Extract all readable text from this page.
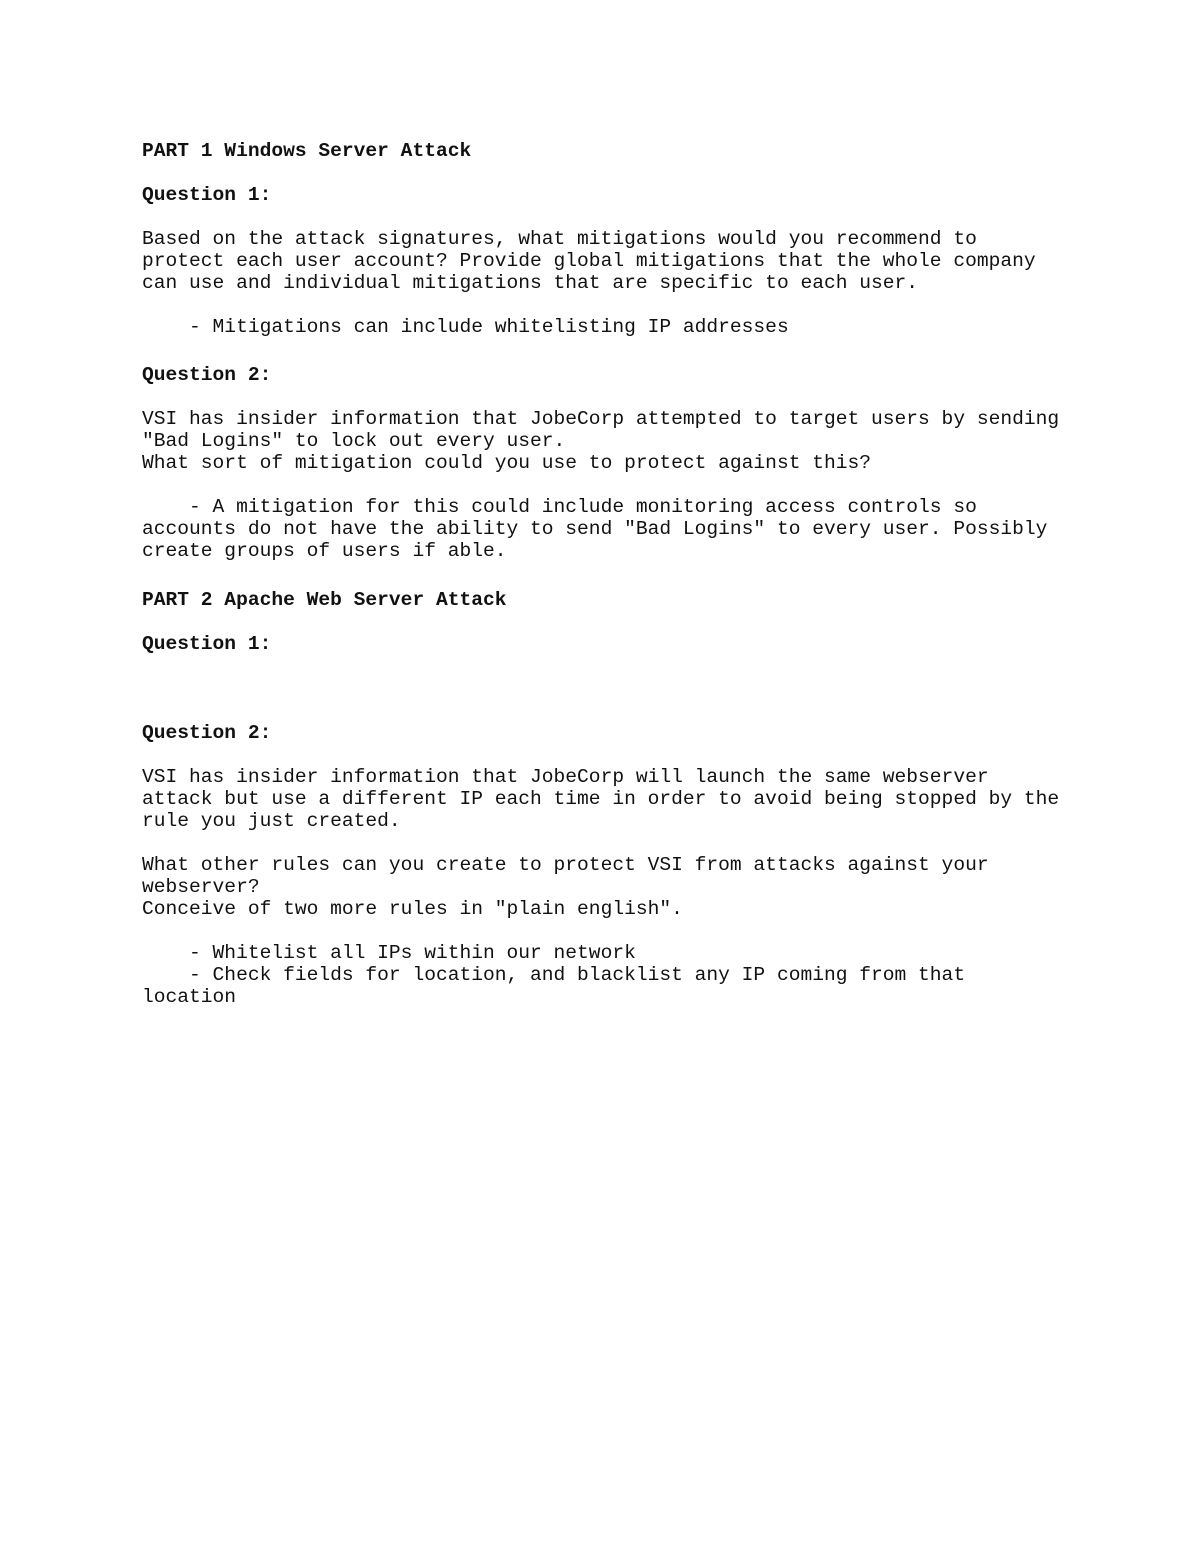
PART 1 Windows Server Attack
Question 1:
Based on the attack signatures, what mitigations would you recommend to
protect each user account? Provide global mitigations that the whole company
can use and individual mitigations that are specific to each user.
- Mitigations can include whitelisting IP addresses
Question 2:
VSI has insider information that JobeCorp attempted to target users by sending
"Bad Logins" to lock out every user.
What sort of mitigation could you use to protect against this?
- A mitigation for this could include monitoring access controls so
accounts do not have the ability to send "Bad Logins" to every user. Possibly
create groups of users if able.
PART 2 Apache Web Server Attack
Question 1:
Question 2:
VSI has insider information that JobeCorp will launch the same webserver
attack but use a different IP each time in order to avoid being stopped by the
rule you just created.
What other rules can you create to protect VSI from attacks against your
webserver?
Conceive of two more rules in "plain english".
- Whitelist all IPs within our network
- Check fields for location, and blacklist any IP coming from that
location
